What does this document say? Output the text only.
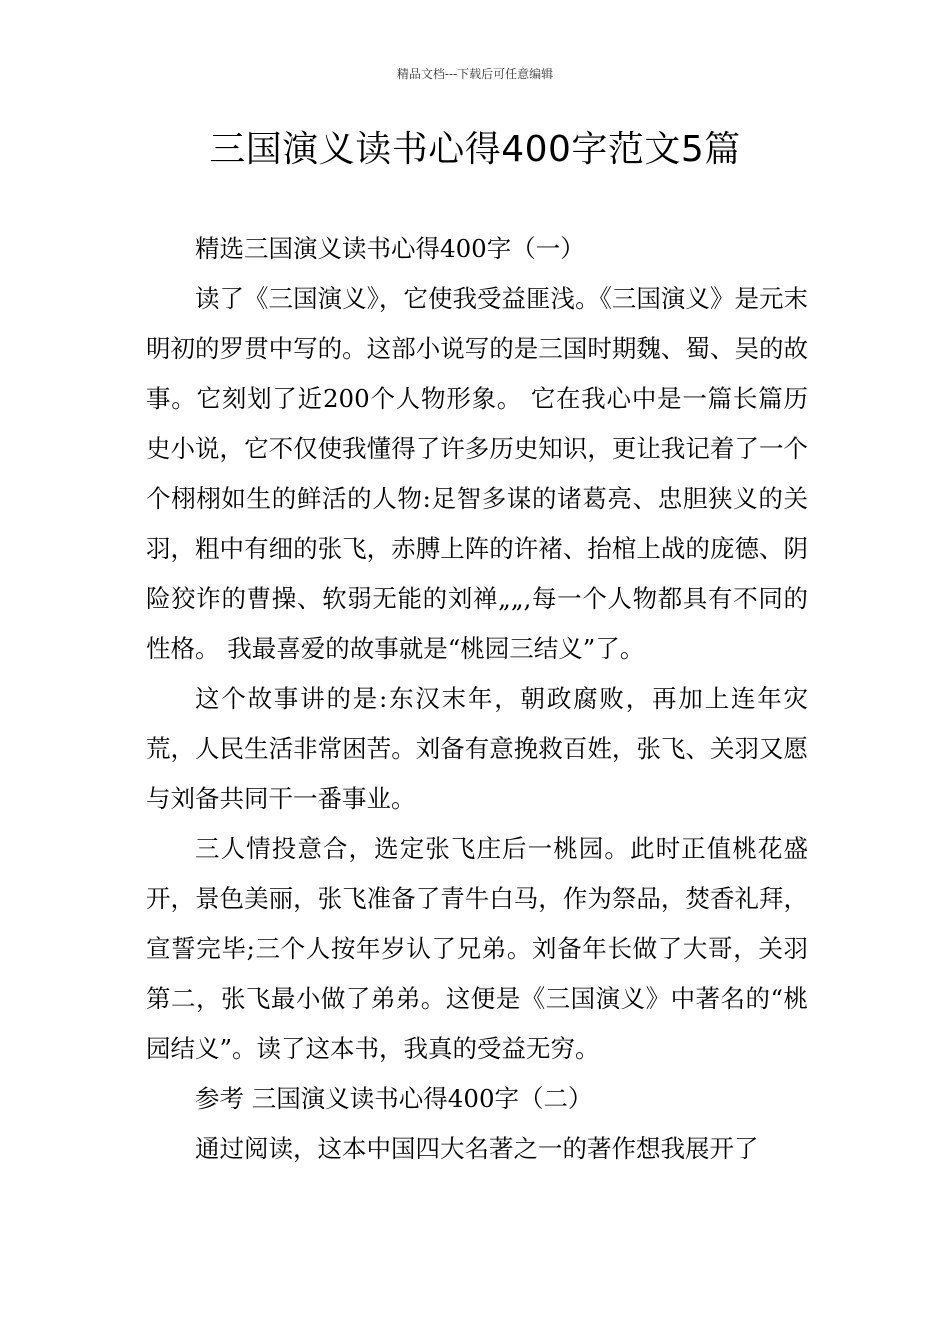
精品文档---下载后可任意编辑
三国演义读书心得400字范文5篇

精选三国演义读书心得400字（一）

读了《三国演义》，它使我受益匪浅。《三国演义》是元末明初的罗贯中写的。这部小说写的是三国时期魏、蜀、吴的故事。它刻划了近200个人物形象。 它在我心中是一篇长篇历史小说，它不仅使我懂得了许多历史知识，更让我记着了一个个栩栩如生的鲜活的人物:足智多谋的诸葛亮、忠胆狭义的关羽，粗中有细的张飞，赤膊上阵的许褚、抬棺上战的庞德、阴险狡诈的曹操、软弱无能的刘禅„„,每一个人物都具有不同的性格。 我最喜爱的故事就是“桃园三结义”了。

这个故事讲的是:东汉末年，朝政腐败，再加上连年灾荒，人民生活非常困苦。刘备有意挽救百姓，张飞、关羽又愿与刘备共同干一番事业。

三人情投意合，选定张飞庄后一桃园。此时正值桃花盛开，景色美丽，张飞准备了青牛白马，作为祭品，焚香礼拜，宣誓完毕;三个人按年岁认了兄弟。刘备年长做了大哥，关羽第二，张飞最小做了弟弟。这便是《三国演义》中著名的“桃园结义”。读了这本书，我真的受益无穷。

参考 三国演义读书心得400字（二）

通过阅读，这本中国四大名著之一的著作想我展开了
